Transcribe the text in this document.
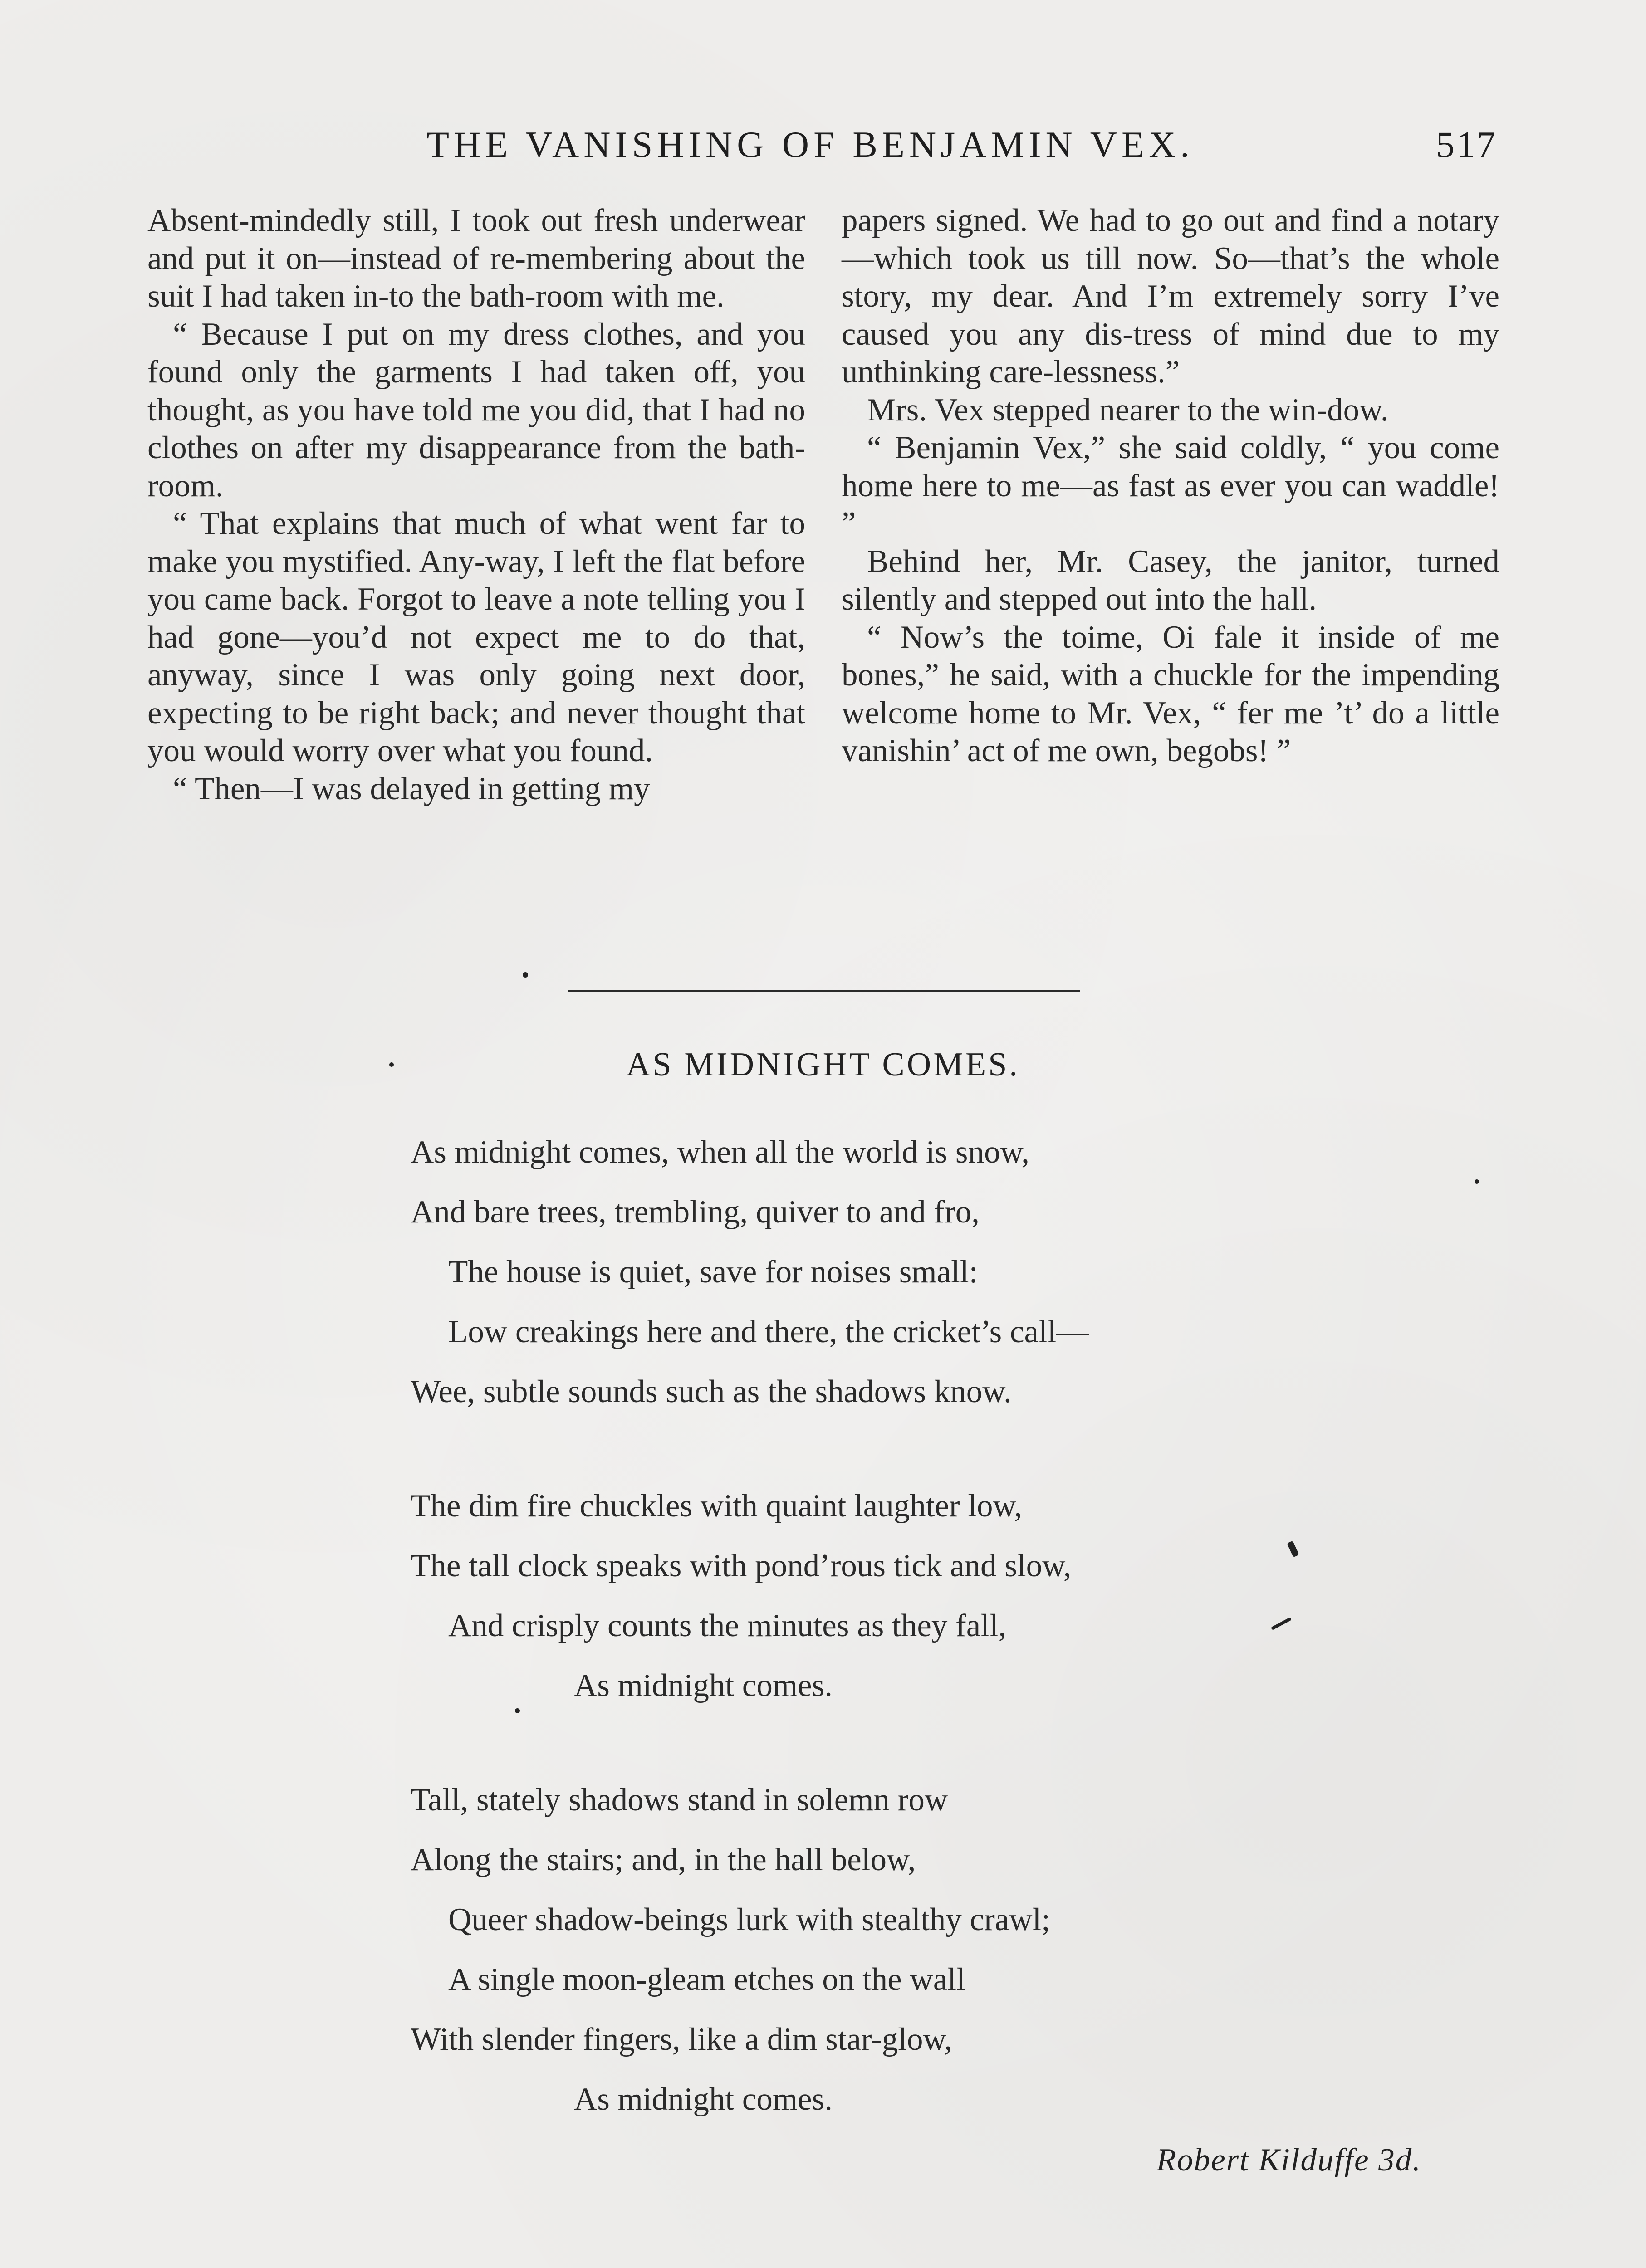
THE VANISHING OF BENJAMIN VEX.	517

Absent-mindedly still, I took out fresh underwear and put it on—instead of re-membering about the suit I had taken in-to the bath-room with me.

“ Because I put on my dress clothes, and you found only the garments I had taken off, you thought, as you have told me you did, that I had no clothes on after my disappearance from the bath-room.

“ That explains that much of what went far to make you mystified. Any-way, I left the flat before you came back. Forgot to leave a note telling you I had gone—you’d not expect me to do that, anyway, since I was only going next door, expecting to be right back; and never thought that you would worry over what you found.

“ Then—I was delayed in getting my

papers signed. We had to go out and find a notary—which took us till now. So—that’s the whole story, my dear. And I’m extremely sorry I’ve caused you any dis-tress of mind due to my unthinking care-lessness.”

Mrs. Vex stepped nearer to the win-dow.

“ Benjamin Vex,” she said coldly, “ you come home here to me—as fast as ever you can waddle! ”

Behind her, Mr. Casey, the janitor, turned silently and stepped out into the hall.

“ Now’s the toime, Oi fale it inside of me bones,” he said, with a chuckle for the impending welcome home to Mr. Vex, “ fer me ’t’ do a little vanishin’ act of me own, begobs! ”

AS MIDNIGHT COMES.
As midnight comes, when all the world is snow,
And bare trees, trembling, quiver to and fro,
The house is quiet, save for noises small:
Low creakings here and there, the cricket’s call—
Wee, subtle sounds such as the shadows know.
The dim fire chuckles with quaint laughter low,
The tall clock speaks with pond’rous tick and slow,
And crisply counts the minutes as they fall,
As midnight comes.
Tall, stately shadows stand in solemn row
Along the stairs; and, in the hall below,
Queer shadow-beings lurk with stealthy crawl;
A single moon-gleam etches on the wall
With slender fingers, like a dim star-glow,
As midnight comes.
Robert Kilduffe 3d.
